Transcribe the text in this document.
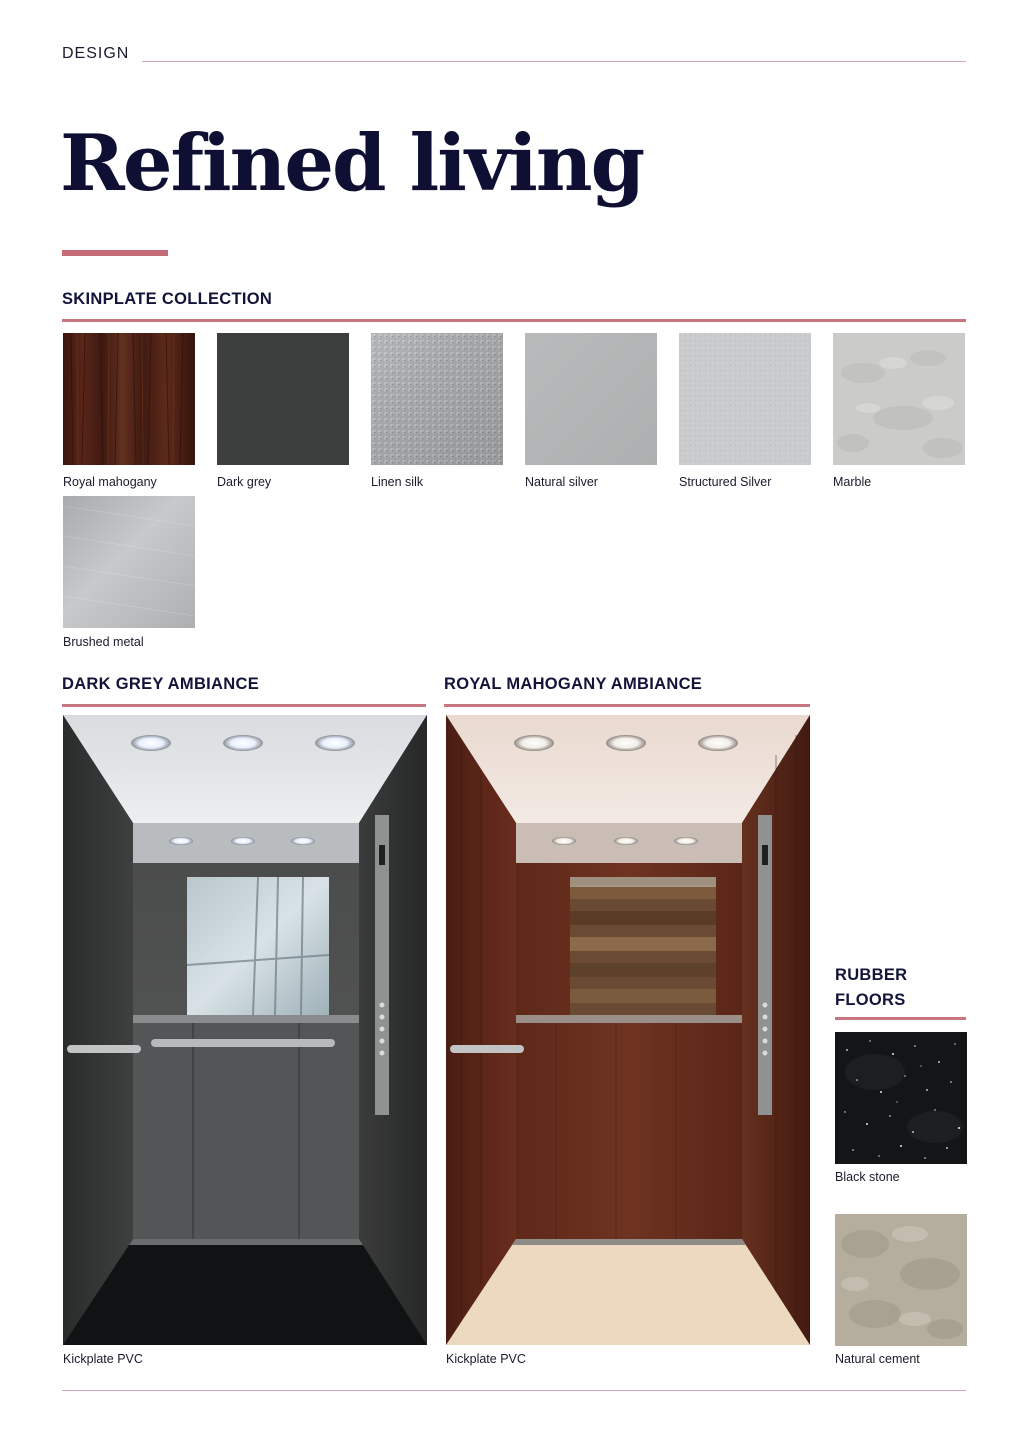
DESIGN
Refined living
SKINPLATE COLLECTION
Royal mahogany	Dark grey	Linen silk	Natural silver	Structured Silver	Marble
Brushed metal
DARK GREY AMBIANCE
Kickplate PVC
ROYAL MAHOGANY AMBIANCE
Kickplate PVC
RUBBER
FLOORS
Black stone
Natural cement
